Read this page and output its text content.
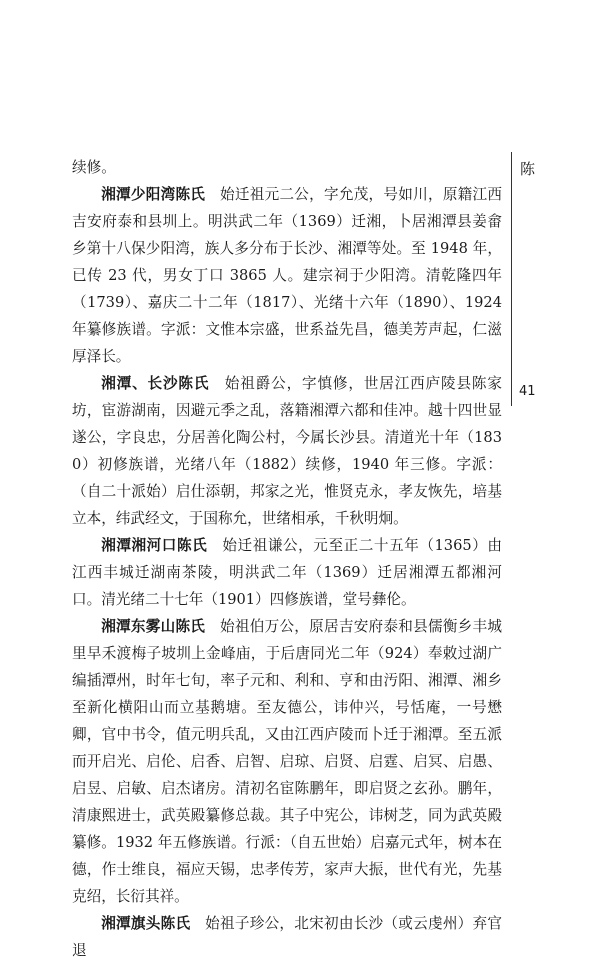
陈
41

续修。

湘潭少阳湾陈氏　始迁祖元二公，字允茂，号如川，原籍江西吉安府泰和县圳上。明洪武二年（1369）迁湘，卜居湘潭县姜畲乡第十八保少阳湾，族人多分布于长沙、湘潭等处。至 1948 年，已传 23 代，男女丁口 3865 人。建宗祠于少阳湾。清乾隆四年（1739）、嘉庆二十二年（1817）、光绪十六年（1890）、1924 年纂修族谱。字派：文惟本宗盛，世系益先昌，德美芳声起，仁滋厚泽长。

湘潭、长沙陈氏　始祖爵公，字慎修，世居江西庐陵县陈家坊，宦游湖南，因避元季之乱，落籍湘潭六都和佳冲。越十四世显遂公，字良忠，分居善化陶公村，今属长沙县。清道光十年（1830）初修族谱，光绪八年（1882）续修，1940 年三修。字派：（自二十派始）启仕添朝，邦家之光，惟贤克永，孝友恢先，培基立本，纬武经文，于国称允，世绪相承，千秋明炯。

湘潭湘河口陈氏　始迁祖谦公，元至正二十五年（1365）由江西丰城迁湖南茶陵，明洪武二年（1369）迁居湘潭五都湘河口。清光绪二十七年（1901）四修族谱，堂号彝伦。

湘潭东雾山陈氏　始祖伯万公，原居吉安府泰和县儒衡乡丰城里早禾渡梅子坡圳上金峰庙，于后唐同光二年（924）奉敕过湖广编插潭州，时年七旬，率子元和、利和、亨和由汚阳、湘潭、湘乡至新化横阳山而立基鹅塘。至友德公，讳仲兴，号恬庵，一号懋卿，官中书令，值元明兵乱，又由江西庐陵而卜迁于湘潭。至五派而开启光、启伦、启香、启智、启琼、启贤、启霆、启冥、启愚、启昱、启敏、启杰诸房。清初名宦陈鹏年，即启贤之玄孙。鹏年，清康熙进士，武英殿纂修总裁。其子中宪公，讳树芝，同为武英殿纂修。1932 年五修族谱。行派：（自五世始）启嘉元式年，树本在德，作士维良，福应天锡，忠孝传芳，家声大振，世代有光，先基克绍，长衍其祥。

湘潭旗头陈氏　始祖子珍公，北宋初由长沙（或云虔州）弃官退
